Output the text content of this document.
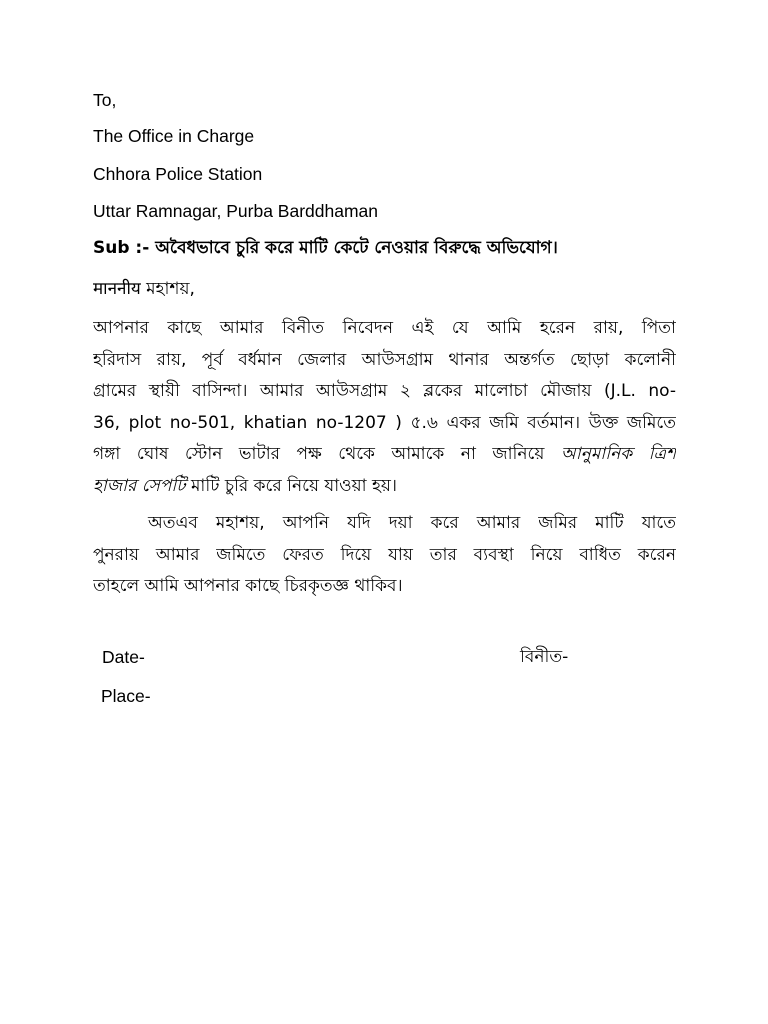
To,
The Office in Charge
Chhora Police Station
Uttar Ramnagar, Purba Barddhaman
Sub :- অবৈধভাবে চুরি করে মাটি কেটে নেওয়ার বিরুদ্ধে অভিযোগ।
माननीय মহাশয়,
আপনার কাছে আমার বিনীত নিবেদন এই যে আমি হরেন রায়, পিতা
হরিদাস রায়, পূর্ব বর্ধমান জেলার আউসগ্রাম থানার অন্তর্গত ছোড়া কলোনী
গ্রামের স্থায়ী বাসিন্দা। আমার আউসগ্রাম ২ ব্লকের মালোচা মৌজায় (J.L. no-
36, plot no-501, khatian no-1207 ) ৫.৬ একর জমি বর্তমান। উক্ত জমিতে
গঙ্গা ঘোষ স্টোন ভাটার পক্ষ থেকে আমাকে না জানিয়ে আনুমানিক ত্রিশ
হাজার সেপটি মাটি চুরি করে নিয়ে যাওয়া হয়।
অতএব মহাশয়, আপনি যদি দয়া করে আমার জমির মাটি যাতে
পুনরায় আমার জমিতে ফেরত দিয়ে যায় তার ব্যবস্থা নিয়ে বাধিত করেন
তাহলে আমি আপনার কাছে চিরকৃতজ্ঞ থাকিব।
Date-	বিনীত-
Place-
